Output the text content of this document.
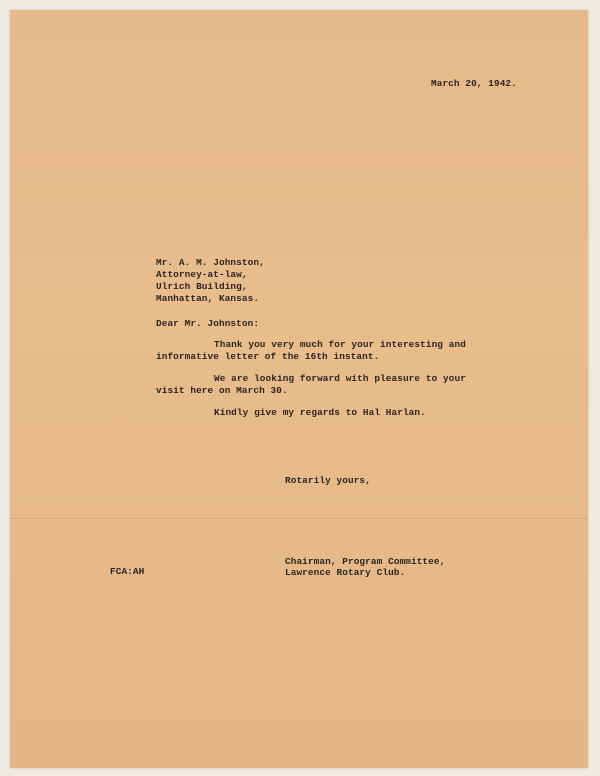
March 20, 1942.
Mr. A. M. Johnston,
Attorney-at-law,
Ulrich Building,
Manhattan, Kansas.
Dear Mr. Johnston:
Thank you very much for your interesting and
informative letter of the 16th instant.
We are looking forward with pleasure to your
visit here on March 30.
Kindly give my regards to Hal Harlan.
Rotarily yours,
FCA:AH
Chairman, Program Committee,
Lawrence Rotary Club.
